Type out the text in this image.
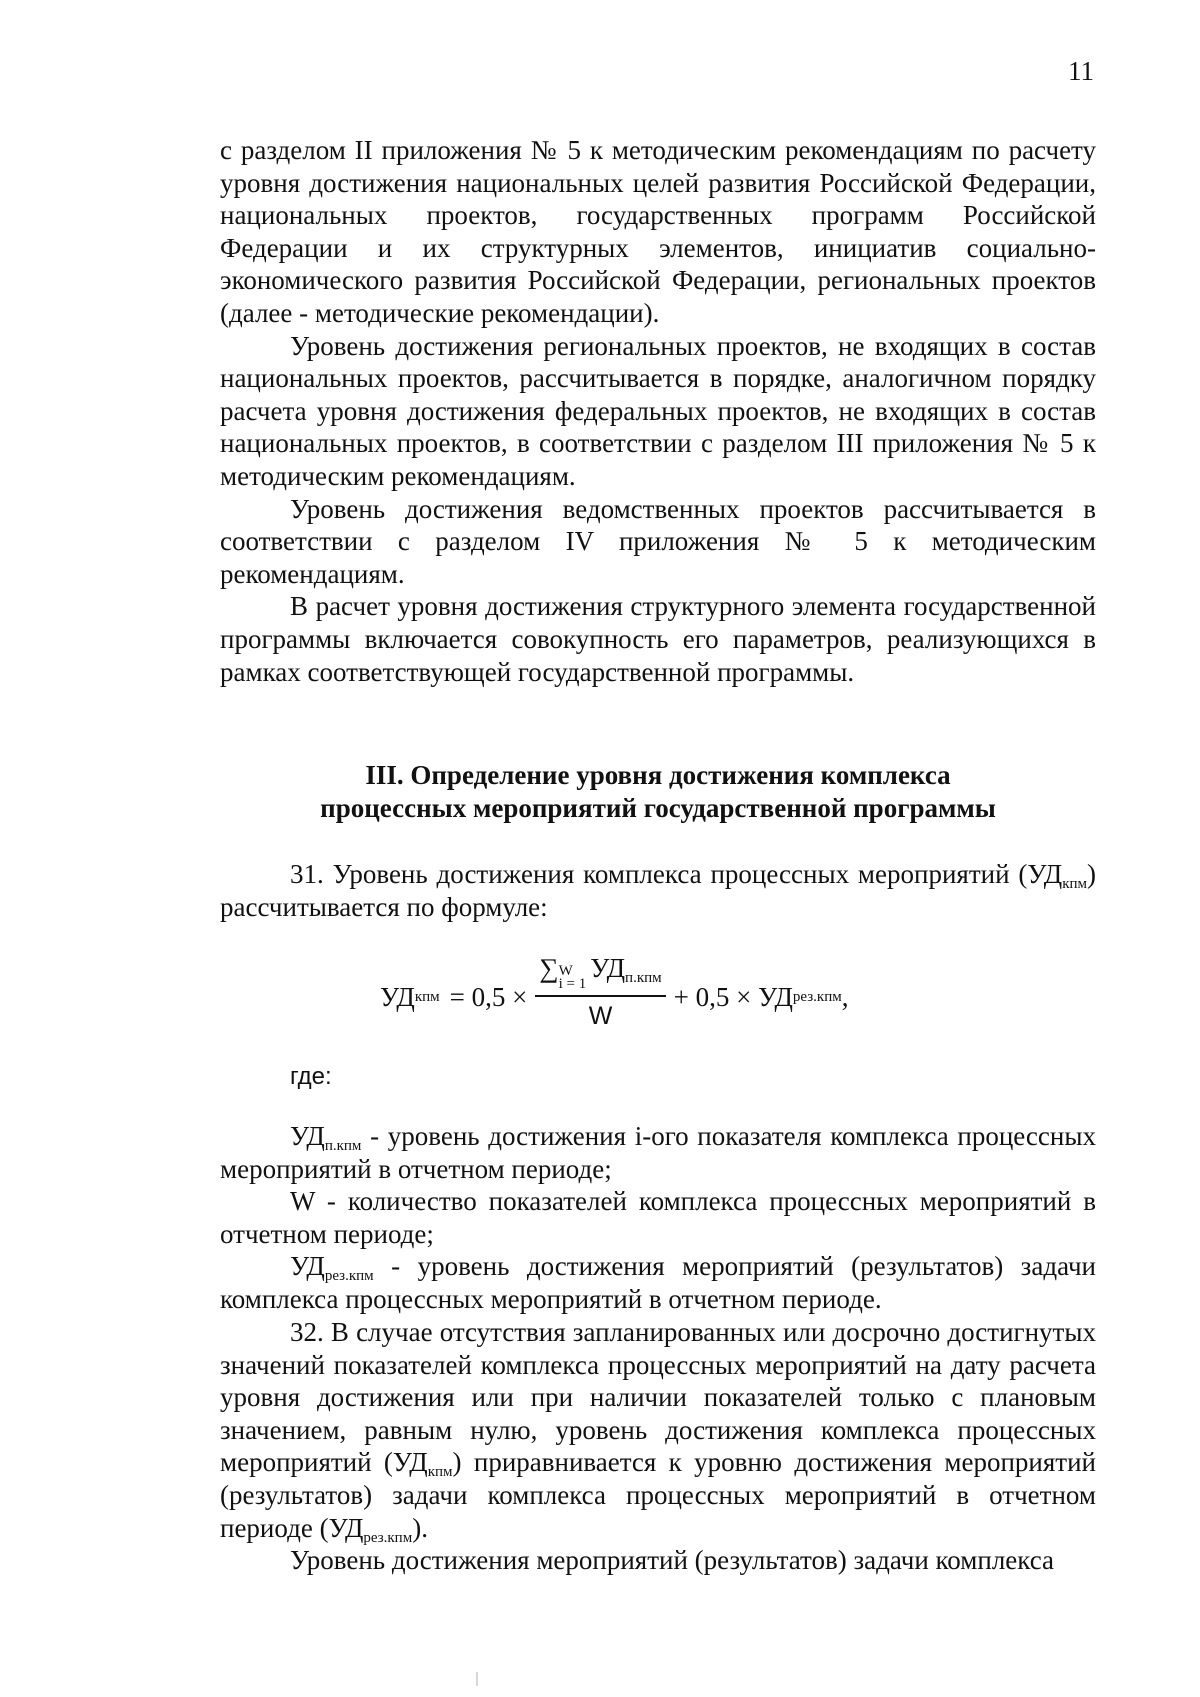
11

с разделом II приложения № 5 к методическим рекомендациям по расчету уровня достижения национальных целей развития Российской Федерации, национальных проектов, государственных программ Российской Федерации и их структурных элементов, инициатив социально-экономического развития Российской Федерации, региональных проектов (далее - методические рекомендации).

Уровень достижения региональных проектов, не входящих в состав национальных проектов, рассчитывается в порядке, аналогичном порядку расчета уровня достижения федеральных проектов, не входящих в состав национальных проектов, в соответствии с разделом III приложения № 5 к методическим рекомендациям.

Уровень достижения ведомственных проектов рассчитывается в соответствии с разделом IV приложения № 5 к методическим рекомендациям.

В расчет уровня достижения структурного элемента государственной программы включается совокупность его параметров, реализующихся в рамках соответствующей государственной программы.

III. Определение уровня достижения комплекса
процессных мероприятий государственной программы

31. Уровень достижения комплекса процессных мероприятий $(УД_{кпм})$ рассчитывается по формуле:

УД кпм = 0,5 × ∑ W
i = 1
$УД_{п.кпм}$
W + 0,5 × УД рез.кпм ,

где:

$УД_{п.кпм}$ - уровень достижения i-ого показателя комплекса процессных мероприятий в отчетном периоде;

W - количество показателей комплекса процессных мероприятий в отчетном периоде;

$УД_{рез.кпм}$ - уровень достижения мероприятий (результатов) задачи комплекса процессных мероприятий в отчетном периоде.

32. В случае отсутствия запланированных или досрочно достигнутых значений показателей комплекса процессных мероприятий на дату расчета уровня достижения или при наличии показателей только с плановым значением, равным нулю, уровень достижения комплекса процессных мероприятий $(УД_{кпм})$ приравнивается к уровню достижения мероприятий (результатов) задачи комплекса процессных мероприятий в отчетном периоде $(УД_{рез.кпм})$.

Уровень достижения мероприятий (результатов) задачи комплекса
